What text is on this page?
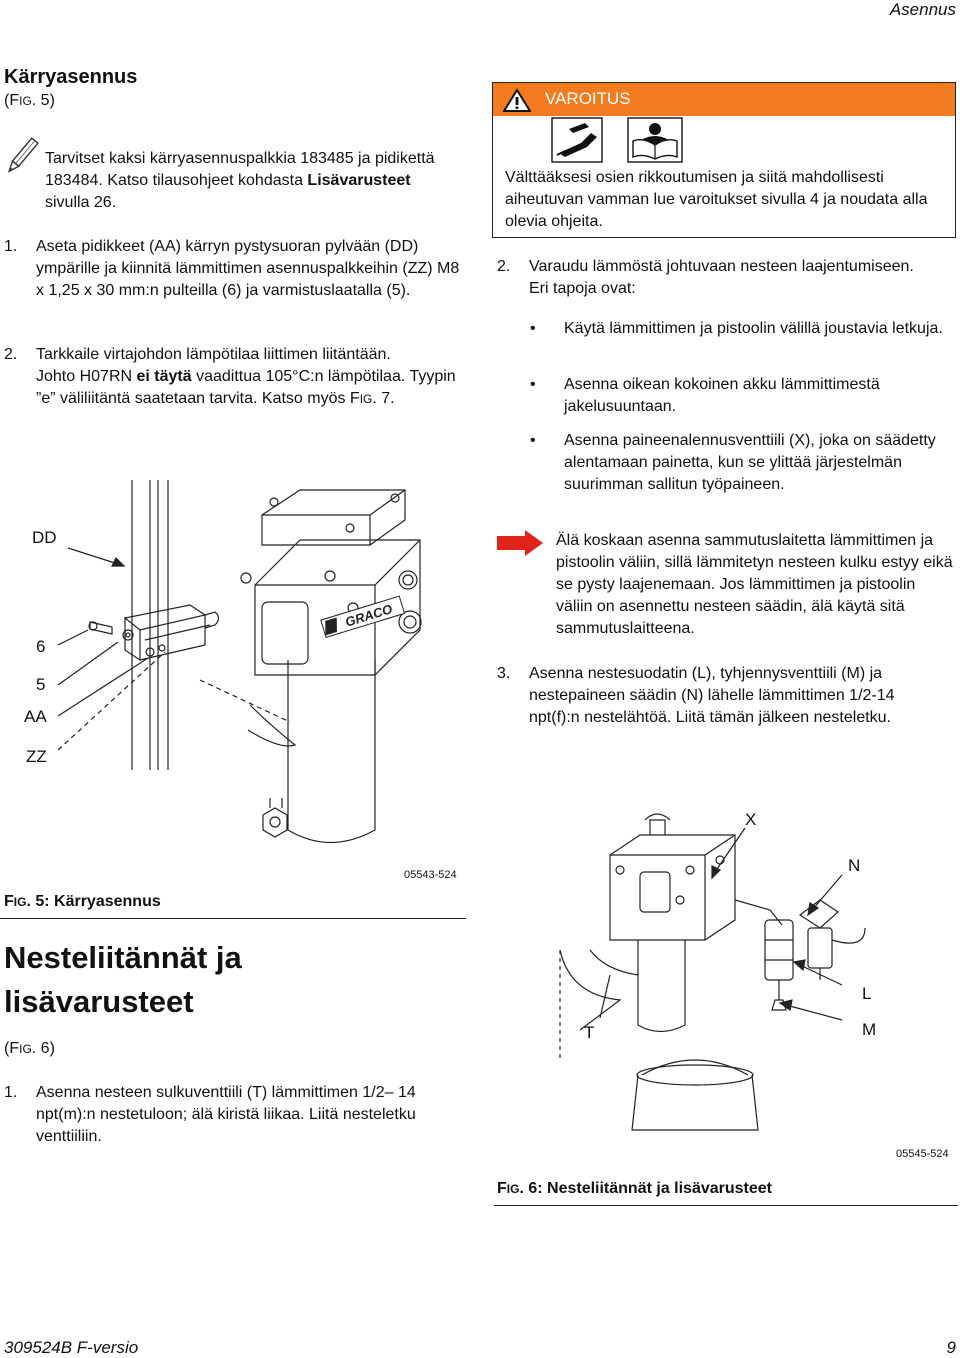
Asennus
Kärryasennus
(FIG. 5)
Tarvitset kaksi kärryasennuspalkkia 183485 ja pidikettä 183484. Katso tilausohjeet kohdasta Lisävarusteet sivulla 26.
1. Aseta pidikkeet (AA) kärryn pystysuoran pylvään (DD) ympärille ja kiinnitä lämmittimen asennuspalkkeihin (ZZ) M8 x 1,25 x 30 mm:n pulteilla (6) ja varmistuslaatalla (5).
2. Tarkkaile virtajohdon lämpötilaa liittimen liitäntään.
Johto H07RN ei täytä vaadittua 105°C:n lämpötilaa. Tyypin ”e” väliliitäntä saatetaan tarvita. Katso myös FIG. 7.
GRACO
DD
6
5
AA
ZZ
05543-524
FIG. 5: Kärryasennus
Nesteliitännät ja lisävarusteet
(FIG. 6)
1. Asenna nesteen sulkuventtiili (T) lämmittimen 1/2– 14 npt(m):n nestetuloon; älä kiristä liikaa. Liitä nesteletku venttiiliin.
VAROITUS
Välttääksesi osien rikkoutumisen ja siitä mahdollisesti aiheutuvan vamman lue varoitukset sivulla 4 ja noudata alla olevia ohjeita.
2. Varaudu lämmöstä johtuvaan nesteen laajentumiseen. Eri tapoja ovat:
• Käytä lämmittimen ja pistoolin välillä joustavia letkuja.
• Asenna oikean kokoinen akku lämmittimestä jakelusuuntaan.
• Asenna paineenalennusventtiili (X), joka on säädetty alentamaan painetta, kun se ylittää järjestelmän suurimman sallitun työpaineen.
Älä koskaan asenna sammutuslaitetta lämmittimen ja pistoolin väliin, sillä lämmitetyn nesteen kulku estyy eikä se pysty laajenemaan. Jos lämmittimen ja pistoolin väliin on asennettu nesteen säädin, älä käytä sitä sammutuslaitteena.
3. Asenna nestesuodatin (L), tyhjennysventtiili (M) ja nestepaineen säädin (N) lähelle lämmittimen 1/2-14 npt(f):n nestelähtöä. Liitä tämän jälkeen nesteletku.
X
N
L
M
T
05545-524
FIG. 6: Nesteliitännät ja lisävarusteet
309524B F-versio	9
